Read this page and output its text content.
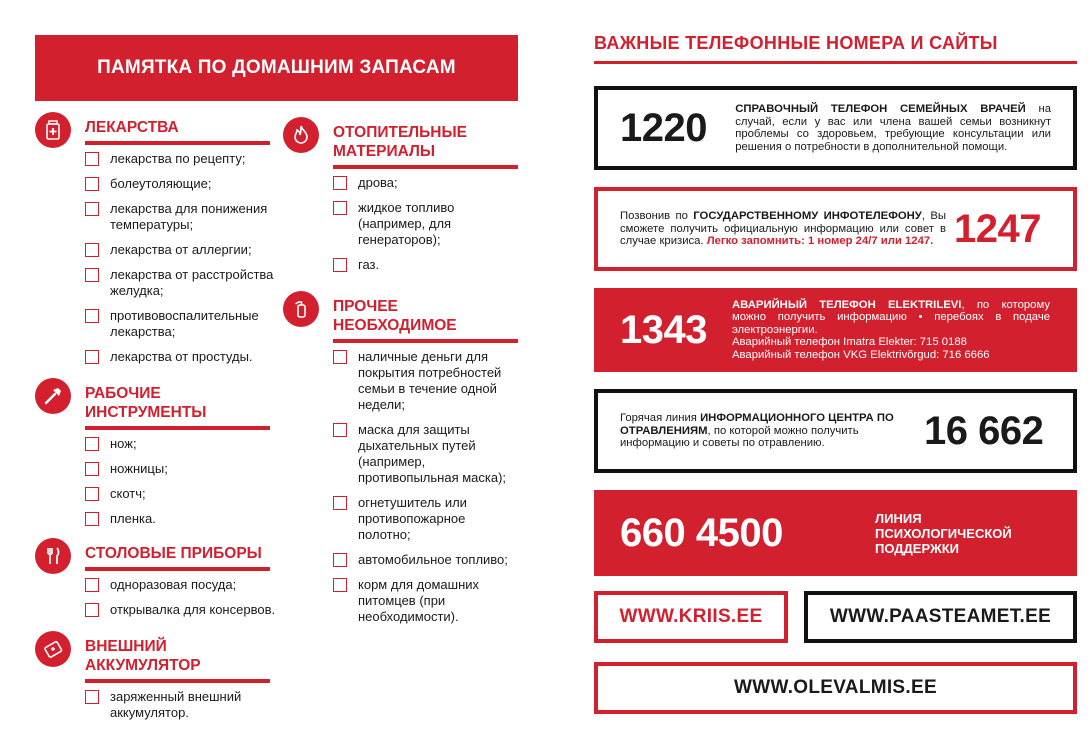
ПАМЯТКА ПО ДОМАШНИМ ЗАПАСАМ
ЛЕКАРСТВА
лекарства по рецепту;
болеутоляющие;
лекарства для понижения температуры;
лекарства от аллергии;
лекарства от расстройства желудка;
противовоспалительные лекарства;
лекарства от простуды.
РАБОЧИЕ ИНСТРУМЕНТЫ
нож;
ножницы;
скотч;
пленка.
СТОЛОВЫЕ ПРИБОРЫ
одноразовая посуда;
открывалка для консервов.
ВНЕШНИЙ АККУМУЛЯТОР
заряженный внешний аккумулятор.
ОТОПИТЕЛЬНЫЕ МАТЕРИАЛЫ
дрова;
жидкое топливо (например, для генераторов);
газ.
ПРОЧЕЕ НЕОБХОДИМОЕ
наличные деньги для покрытия потребностей семьи в течение одной недели;
маска для защиты дыхательных путей (например, противопыльная маска);
огнетушитель или противопожарное полотно;
автомобильное топливо;
корм для домашних питомцев (при необходимости).
ВАЖНЫЕ ТЕЛЕФОННЫЕ НОМЕРА И САЙТЫ
1220	СПРАВОЧНЫЙ ТЕЛЕФОН СЕМЕЙНЫХ ВРАЧЕЙ на случай, если у вас или члена вашей семьи возникнут проблемы со здоровьем, требующие консультации или решения о потребности в дополнительной помощи.
Позвонив по ГОСУДАРСТВЕННОМУ ИНФОТЕЛЕФОНУ, Вы сможете получить официальную информацию или совет в случае кризиса. Легко запомнить: 1 номер 24/7 или 1247. 1247
1343
АВАРИЙНЫЙ ТЕЛЕФОН ELEKTRILEVI, по которому можно получить информацию • перебоях в подаче электроэнергии.
Аварийный телефон Imatra Elekter: 715 0188
Аварийный телефон VKG Elektrivõrgud: 716 6666
Горячая линия ИНФОРМАЦИОННОГО ЦЕНТРА ПО ОТРАВЛЕНИЯМ, по которой можно получить информацию и советы по отравлению.	16 662
660 4500	ЛИНИЯ ПСИХОЛОГИЧЕСКОЙ ПОДДЕРЖКИ
WWW.KRIIS.EE	WWW.PAASTEAMET.EE
WWW.OLEVALMIS.EE
